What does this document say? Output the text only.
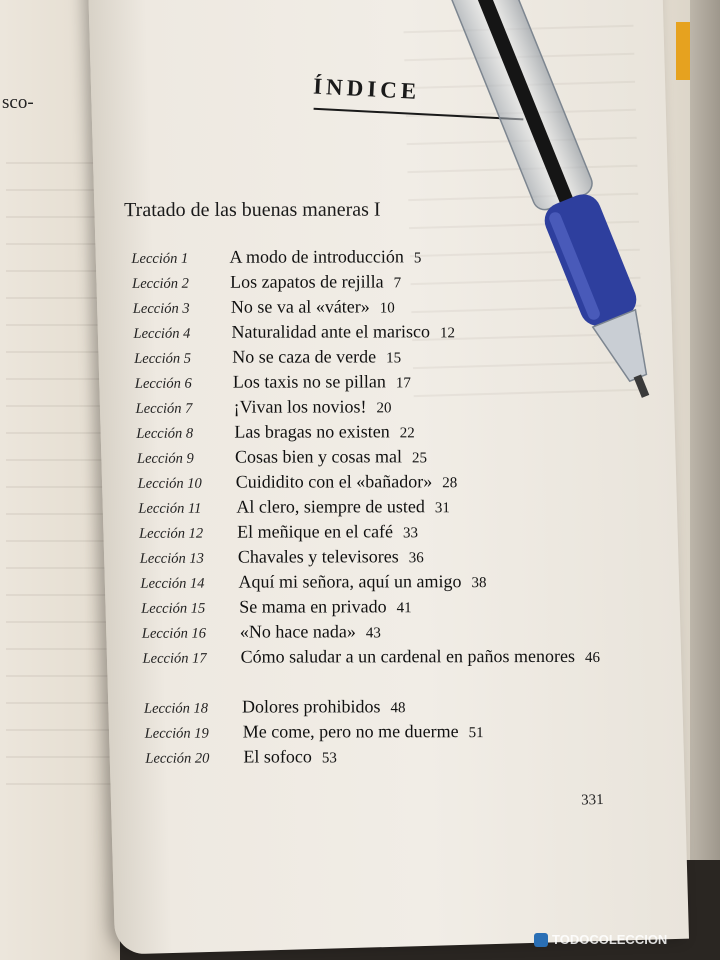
sco-	ÍNDICE
Tratado de las buenas maneras I
Lección 1	A modo de introducción 5
Lección 2	Los zapatos de rejilla 7
Lección 3	No se va al «váter» 10
Lección 4	Naturalidad ante el marisco 12
Lección 5	No se caza de verde 15
Lección 6	Los taxis no se pillan 17
Lección 7	¡Vivan los novios! 20
Lección 8	Las bragas no existen 22
Lección 9	Cosas bien y cosas mal 25
Lección 10	Cuididito con el «bañador» 28
Lección 11	Al clero, siempre de usted 31
Lección 12	El meñique en el café 33
Lección 13	Chavales y televisores 36
Lección 14	Aquí mi señora, aquí un amigo 38
Lección 15	Se mama en privado 41
Lección 16	«No hace nada» 43
Lección 17	Cómo saludar a un cardenal en paños menores 46
Lección 18	Dolores prohibidos 48
Lección 19	Me come, pero no me duerme 51
Lección 20	El sofoco 53
331
TODOCOLECCION
